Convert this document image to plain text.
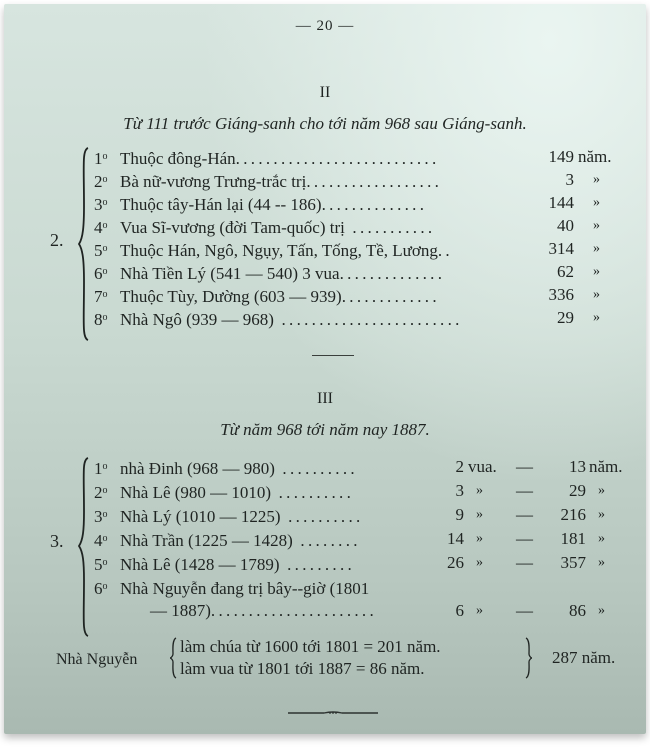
— 20 —
II
Từ 111 trước Giáng-sanh cho tới năm 968 sau Giáng-sanh.
2.
1$^o$ Thuộc đông-Hán...........................	149 năm.
2$^o$ Bà nữ-vương Trưng-trắc trị..................	3 »
3$^o$ Thuộc tây-Hán lại (44 -- 186)..............	144 »
4$^o$ Vua Sĩ-vương (đời Tam-quốc) trị ...........	40 »
5$^o$ Thuộc Hán, Ngô, Ngụy, Tấn, Tống, Tề, Lương..	314 »
6$^o$ Nhà Tiền Lý (541 — 540) 3 vua..............	62 »
7$^o$ Thuộc Tùy, Dường (603 — 939).............	336 »
8$^o$ Nhà Ngô (939 — 968) ........................	29 »
III
Từ năm 968 tới năm nay 1887.
3.
1$^o$ nhà Đinh (968 — 980) ..........	2 vua. —	13 năm.
2$^o$ Nhà Lê (980 — 1010) ..........	3 » —	29 »
3$^o$ Nhà Lý (1010 — 1225) ..........	9 » —	216 »
4$^o$ Nhà Trần (1225 — 1428) ........	14 » —	181 »
5$^o$ Nhà Lê (1428 — 1789) .........	26 » —	357 »
6$^o$ Nhà Nguyễn đang trị bây--giờ (1801
— 1887)......................	6 » —	86 »
Nhà Nguyễn
làm chúa từ 1600 tới 1801 = 201 năm.
làm vua từ 1801 tới 1887 = 86 năm.
287 năm.
